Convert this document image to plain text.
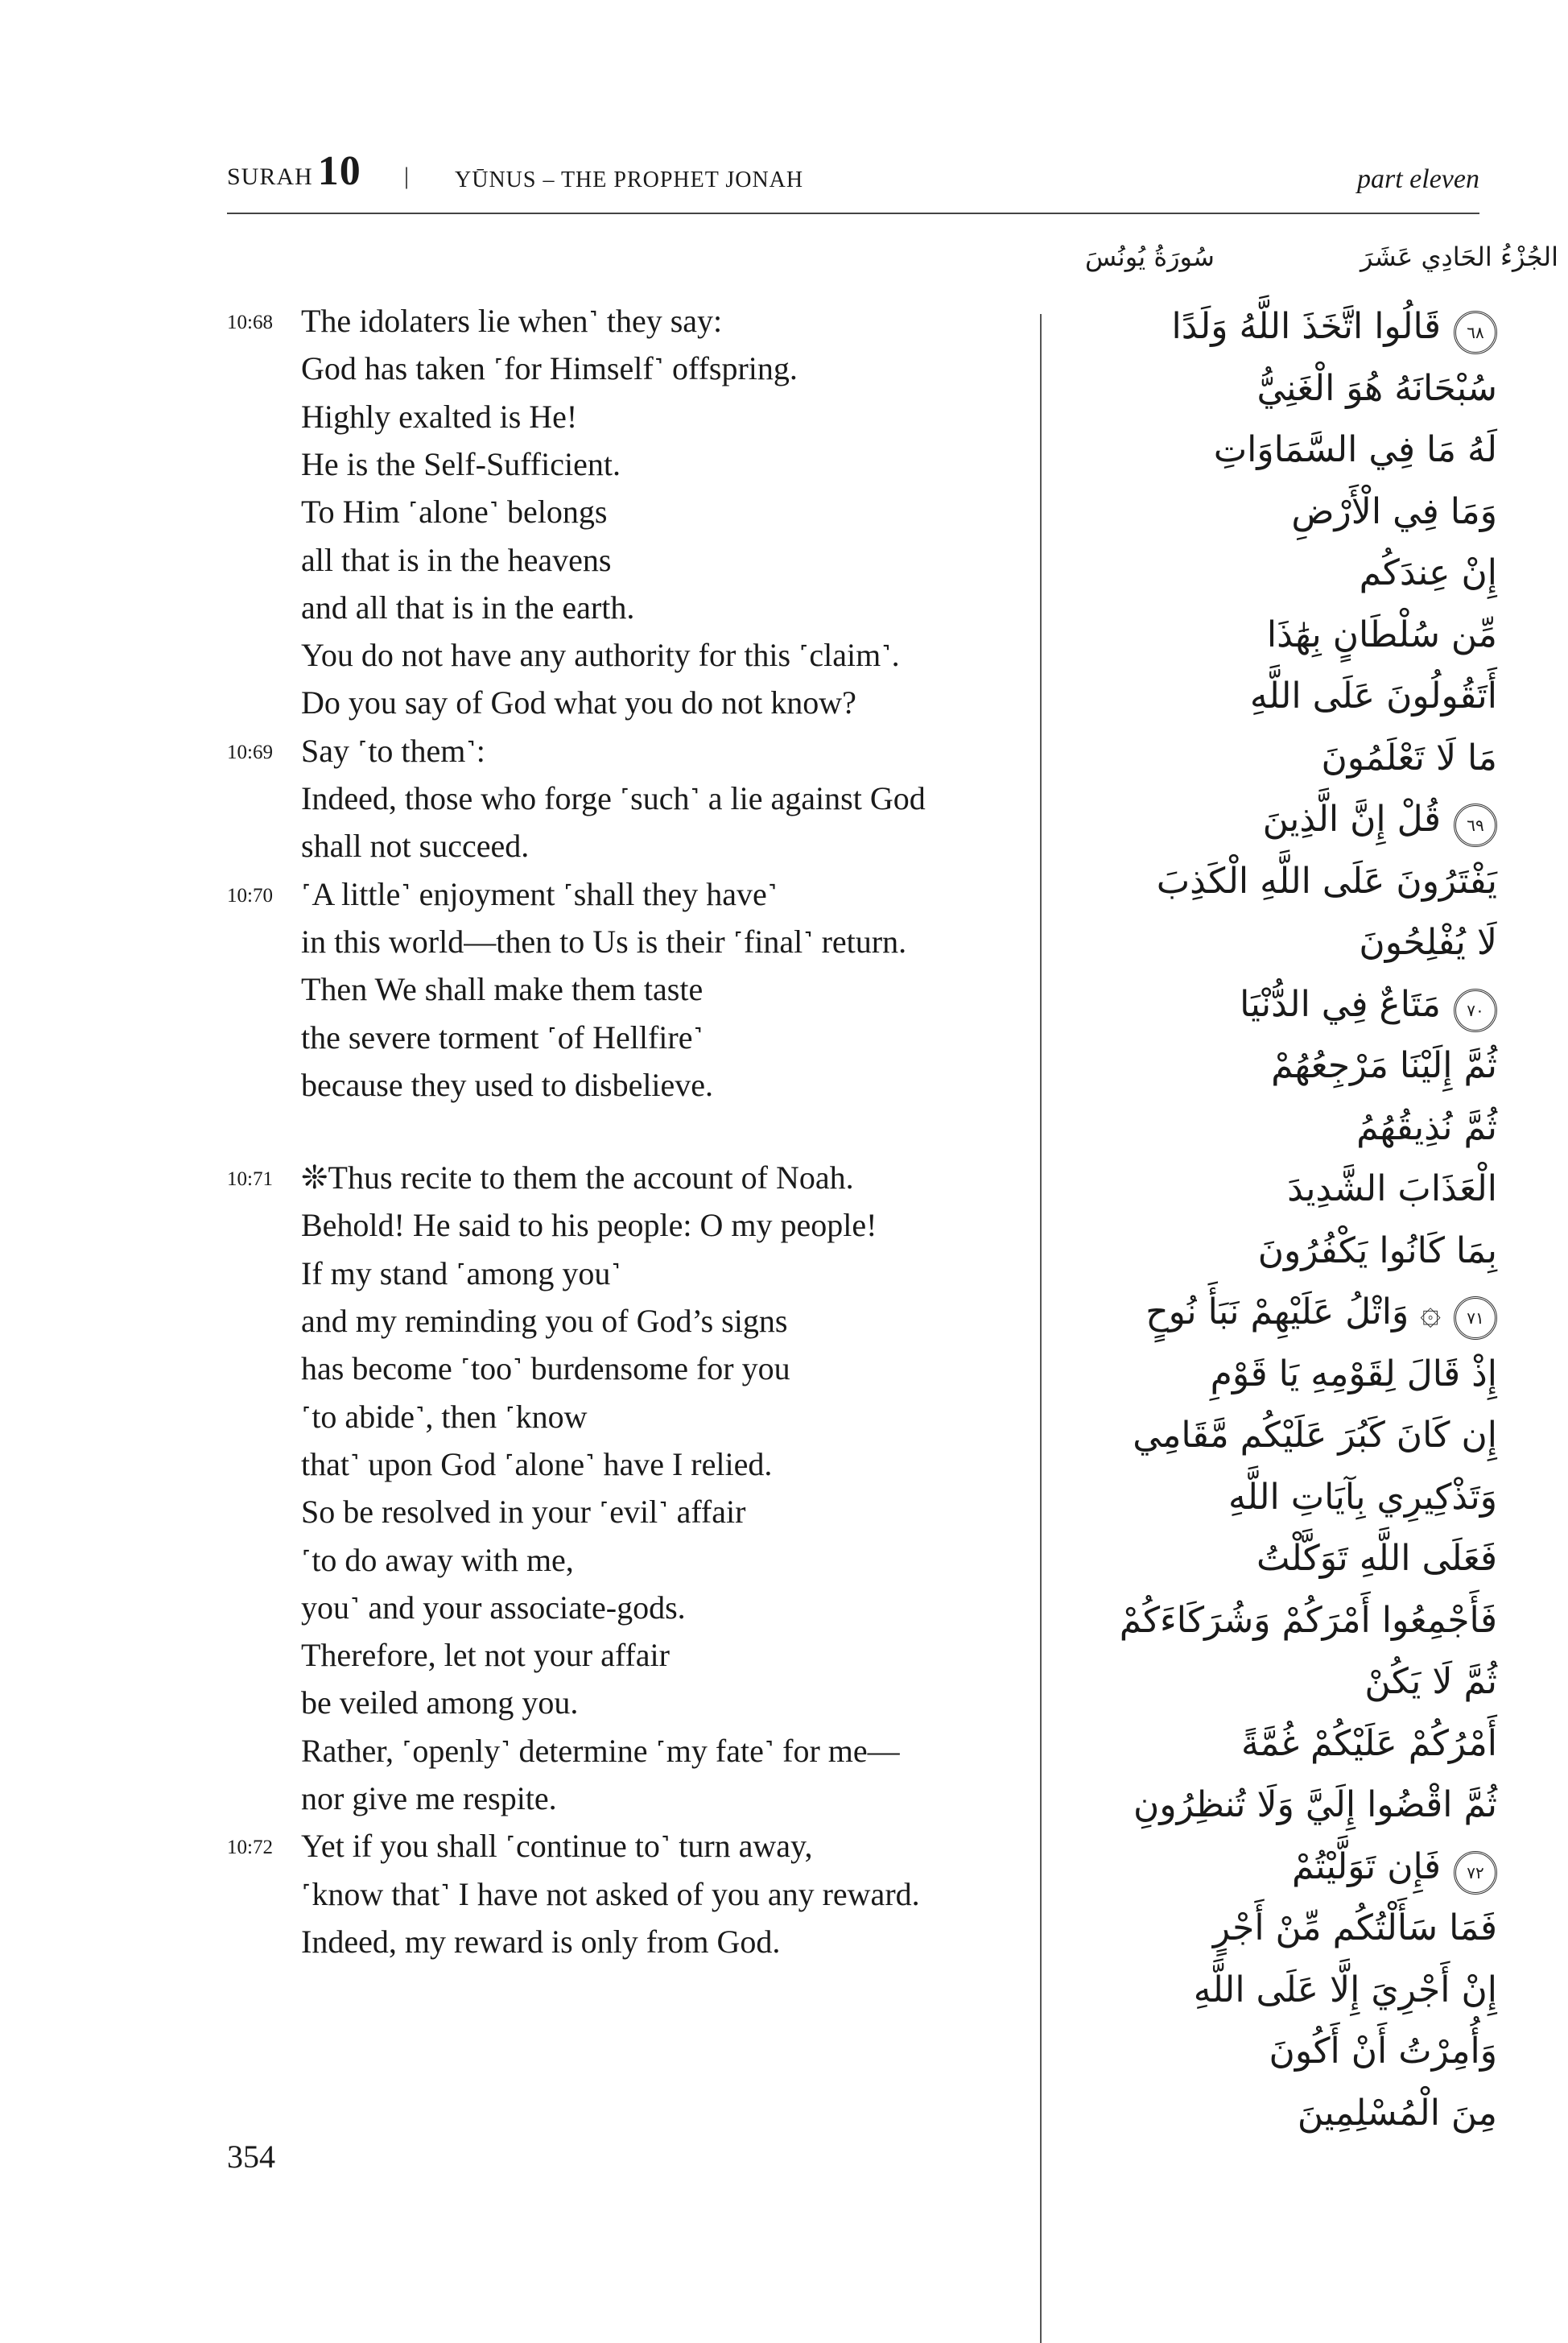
SURAH 10 | YŪNUS – THE PROPHET JONAH	part eleven
سُورَةُ يُونُسَ	الجُزْءُ الحَادِي عَشَرَ
10:68 The idolaters lie when˺ they say:
God has taken ˹for Himself˺ offspring.
Highly exalted is He!
He is the Self-Sufficient.
To Him ˹alone˺ belongs
all that is in the heavens
and all that is in the earth.
You do not have any authority for this ˹claim˺.
Do you say of God what you do not know?
10:69 Say ˹to them˺:
Indeed, those who forge ˹such˺ a lie against God
shall not succeed.
10:70 ˹A little˺ enjoyment ˹shall they have˺
in this world—then to Us is their ˹final˺ return.
Then We shall make them taste
the severe torment ˹of Hellfire˺
because they used to disbelieve.
10:71 ❊Thus recite to them the account of Noah.
Behold! He said to his people: O my people!
If my stand ˹among you˺
and my reminding you of God’s signs
has become ˹too˺ burdensome for you
˹to abide˺, then ˹know
that˺ upon God ˹alone˺ have I relied.
So be resolved in your ˹evil˺ affair
˹to do away with me,
you˺ and your associate-gods.
Therefore, let not your affair
be veiled among you.
Rather, ˹openly˺ determine ˹my fate˺ for me—
nor give me respite.
10:72 Yet if you shall ˹continue to˺ turn away,
˹know that˺ I have not asked of you any reward.
Indeed, my reward is only from God.
قَالُوا اتَّخَذَ اللَّهُ وَلَدًا	٦٨
سُبْحَانَهُ هُوَ الْغَنِيُّ
لَهُ مَا فِي السَّمَاوَاتِ
وَمَا فِي الْأَرْضِ
إِنْ عِندَكُم
مِّن سُلْطَانٍ بِهَٰذَا
أَتَقُولُونَ عَلَى اللَّهِ
مَا لَا تَعْلَمُونَ
قُلْ إِنَّ الَّذِينَ	٦٩
يَفْتَرُونَ عَلَى اللَّهِ الْكَذِبَ
لَا يُفْلِحُونَ
مَتَاعٌ فِي الدُّنْيَا	٧٠
ثُمَّ إِلَيْنَا مَرْجِعُهُمْ
ثُمَّ نُذِيقُهُمُ
الْعَذَابَ الشَّدِيدَ
بِمَا كَانُوا يَكْفُرُونَ
۞ وَاتْلُ عَلَيْهِمْ نَبَأَ نُوحٍ	٧١
إِذْ قَالَ لِقَوْمِهِ يَا قَوْمِ
إِن كَانَ كَبُرَ عَلَيْكُم مَّقَامِي
وَتَذْكِيرِي بِآيَاتِ اللَّهِ
فَعَلَى اللَّهِ تَوَكَّلْتُ
فَأَجْمِعُوا أَمْرَكُمْ وَشُرَكَاءَكُمْ
ثُمَّ لَا يَكُنْ
أَمْرُكُمْ عَلَيْكُمْ غُمَّةً
ثُمَّ اقْضُوا إِلَيَّ وَلَا تُنظِرُونِ
فَإِن تَوَلَّيْتُمْ	٧٢
فَمَا سَأَلْتُكُم مِّنْ أَجْرٍ
إِنْ أَجْرِيَ إِلَّا عَلَى اللَّهِ
وَأُمِرْتُ أَنْ أَكُونَ
مِنَ الْمُسْلِمِينَ
354
